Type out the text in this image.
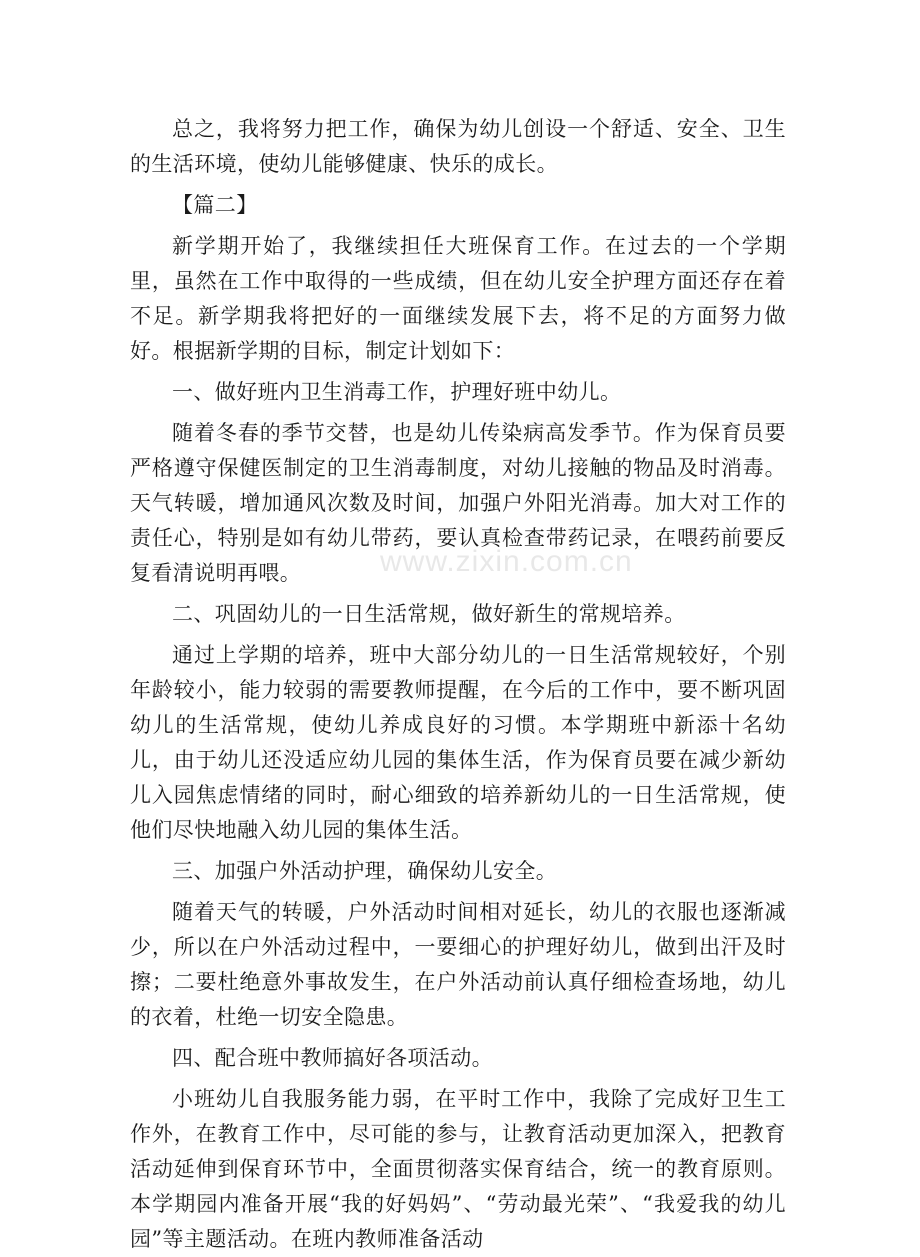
总之，我将努力把工作，确保为幼儿创设一个舒适、安全、卫生的生活环境，使幼儿能够健康、快乐的成长。

【篇二】

新学期开始了，我继续担任大班保育工作。在过去的一个学期里，虽然在工作中取得的一些成绩，但在幼儿安全护理方面还存在着不足。新学期我将把好的一面继续发展下去，将不足的方面努力做好。根据新学期的目标，制定计划如下：

一、做好班内卫生消毒工作，护理好班中幼儿。

随着冬春的季节交替，也是幼儿传染病高发季节。作为保育员要严格遵守保健医制定的卫生消毒制度，对幼儿接触的物品及时消毒。天气转暖，增加通风次数及时间，加强户外阳光消毒。加大对工作的责任心，特别是如有幼儿带药，要认真检查带药记录，在喂药前要反复看清说明再喂。

二、巩固幼儿的一日生活常规，做好新生的常规培养。

通过上学期的培养，班中大部分幼儿的一日生活常规较好，个别年龄较小，能力较弱的需要教师提醒，在今后的工作中，要不断巩固幼儿的生活常规，使幼儿养成良好的习惯。本学期班中新添十名幼儿，由于幼儿还没适应幼儿园的集体生活，作为保育员要在减少新幼儿入园焦虑情绪的同时，耐心细致的培养新幼儿的一日生活常规，使他们尽快地融入幼儿园的集体生活。

三、加强户外活动护理，确保幼儿安全。

随着天气的转暖，户外活动时间相对延长，幼儿的衣服也逐渐减少，所以在户外活动过程中，一要细心的护理好幼儿，做到出汗及时擦；二要杜绝意外事故发生，在户外活动前认真仔细检查场地，幼儿的衣着，杜绝一切安全隐患。

四、配合班中教师搞好各项活动。

小班幼儿自我服务能力弱，在平时工作中，我除了完成好卫生工作外，在教育工作中，尽可能的参与，让教育活动更加深入，把教育活动延伸到保育环节中，全面贯彻落实保育结合，统一的教育原则。本学期园内准备开展“我的好妈妈”、“劳动最光荣”、“我爱我的幼儿园”等主题活动。在班内教师准备活动

www.zixin.com.cn
